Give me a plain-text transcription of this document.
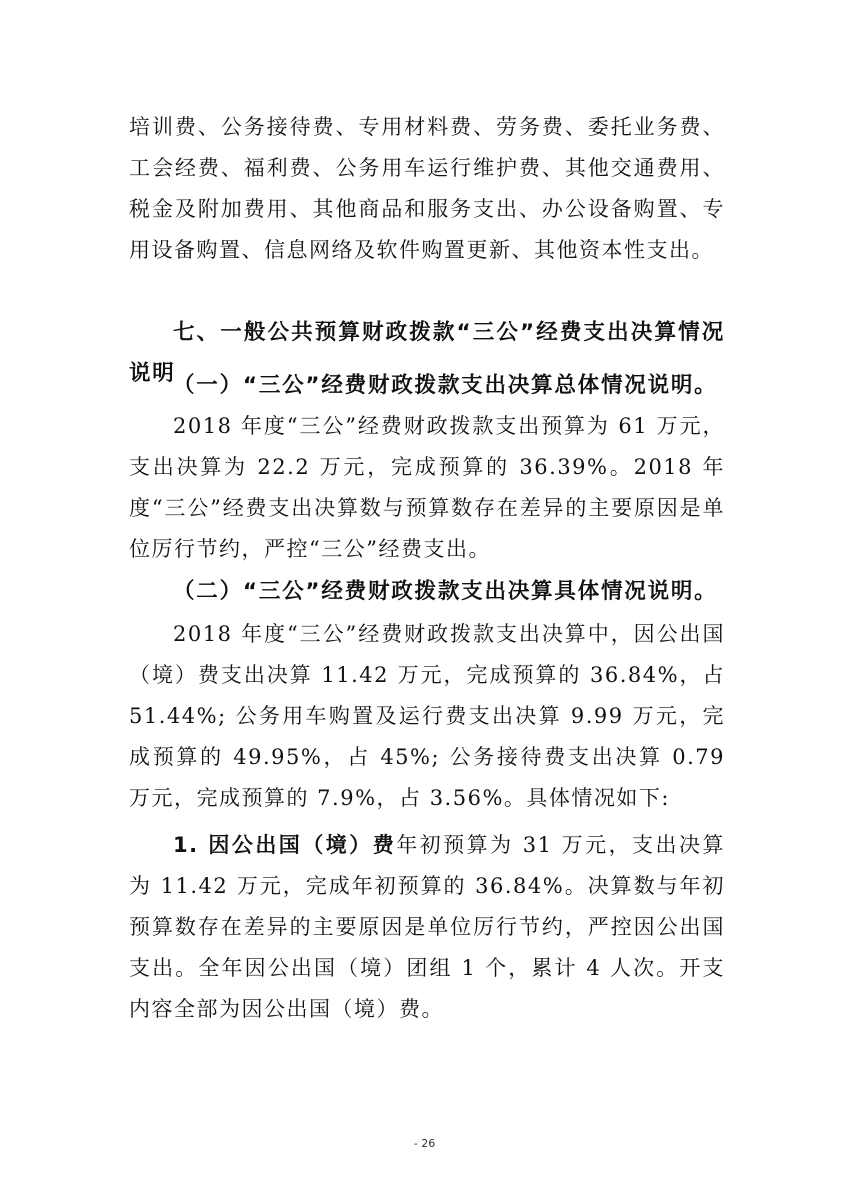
培训费、公务接待费、专用材料费、劳务费、委托业务费、工会经费、福利费、公务用车运行维护费、其他交通费用、税金及附加费用、其他商品和服务支出、办公设备购置、专用设备购置、信息网络及软件购置更新、其他资本性支出。

七、一般公共预算财政拨款“三公”经费支出决算情况说明

（一）“三公”经费财政拨款支出决算总体情况说明。

2018 年度“三公”经费财政拨款支出预算为 61 万元，支出决算为 22.2 万元，完成预算的 36.39%。2018 年度“三公”经费支出决算数与预算数存在差异的主要原因是单位厉行节约，严控“三公”经费支出。

（二）“三公”经费财政拨款支出决算具体情况说明。

2018 年度“三公”经费财政拨款支出决算中，因公出国（境）费支出决算 11.42 万元，完成预算的 36.84%，占 51.44%; 公务用车购置及运行费支出决算 9.99 万元，完成预算的 49.95%，占 45%; 公务接待费支出决算 0.79 万元，完成预算的 7.9%，占 3.56%。具体情况如下:

1. 因公出国（境）费年初预算为 31 万元，支出决算为 11.42 万元，完成年初预算的 36.84%。决算数与年初预算数存在差异的主要原因是单位厉行节约，严控因公出国支出。全年因公出国（境）团组 1 个，累计 4 人次。开支内容全部为因公出国（境）费。

- 26
